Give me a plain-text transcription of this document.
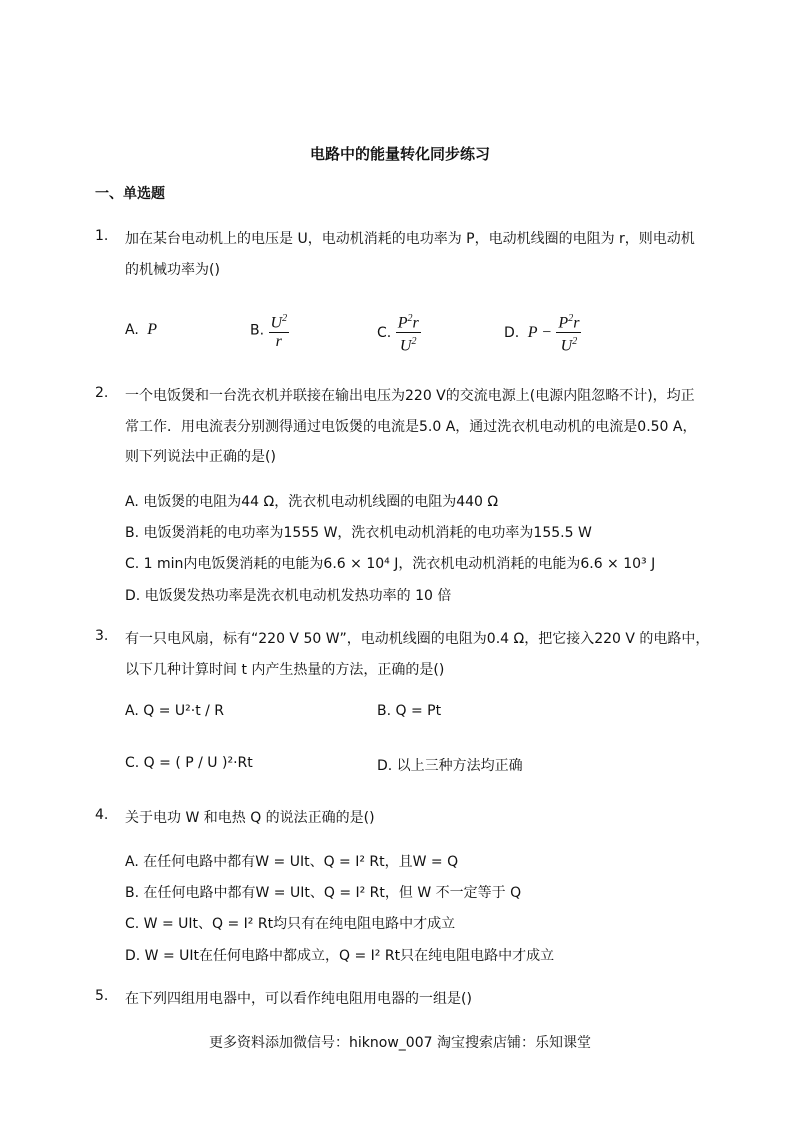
电路中的能量转化同步练习
一、单选题
1. 加在某台电动机上的电压是 U，电动机消耗的电功率为 P，电动机线圈的电阻为 r，则电动机
的机械功率为()
A.  P	B. $\frac{U^2}{r}$	C. $\frac{P^2r}{U^2}$	D.  $P - \frac{P^2r}{U^2}$
2. 一个电饭煲和一台洗衣机并联接在输出电压为220 V的交流电源上(电源内阻忽略不计)，均正
常工作．用电流表分别测得通过电饭煲的电流是5.0 A，通过洗衣机电动机的电流是0.50 A，
则下列说法中正确的是()
A. 电饭煲的电阻为44 Ω，洗衣机电动机线圈的电阻为440 Ω
B. 电饭煲消耗的电功率为1555 W，洗衣机电动机消耗的电功率为155.5 W
C. 1 min内电饭煲消耗的电能为6.6 × 10⁴ J，洗衣机电动机消耗的电能为6.6 × 10³ J
D. 电饭煲发热功率是洗衣机电动机发热功率的 10 倍
3. 有一只电风扇，标有“220 V 50 W”，电动机线圈的电阻为0.4 Ω，把它接入220 V 的电路中，
以下几种计算时间 t 内产生热量的方法，正确的是()
A. Q = U²·t / R	B. Q = Pt
C. Q = ( P / U )²·Rt	D. 以上三种方法均正确
4. 关于电功 W 和电热 Q 的说法正确的是()
A. 在任何电路中都有W = UIt、Q = I² Rt，且W = Q
B. 在任何电路中都有W = UIt、Q = I² Rt，但 W 不一定等于 Q
C. W = UIt、Q = I² Rt均只有在纯电阻电路中才成立
D. W = UIt在任何电路中都成立，Q = I² Rt只在纯电阻电路中才成立
5. 在下列四组用电器中，可以看作纯电阻用电器的一组是()
更多资料添加微信号：hiknow_007 淘宝搜索店铺：乐知课堂
